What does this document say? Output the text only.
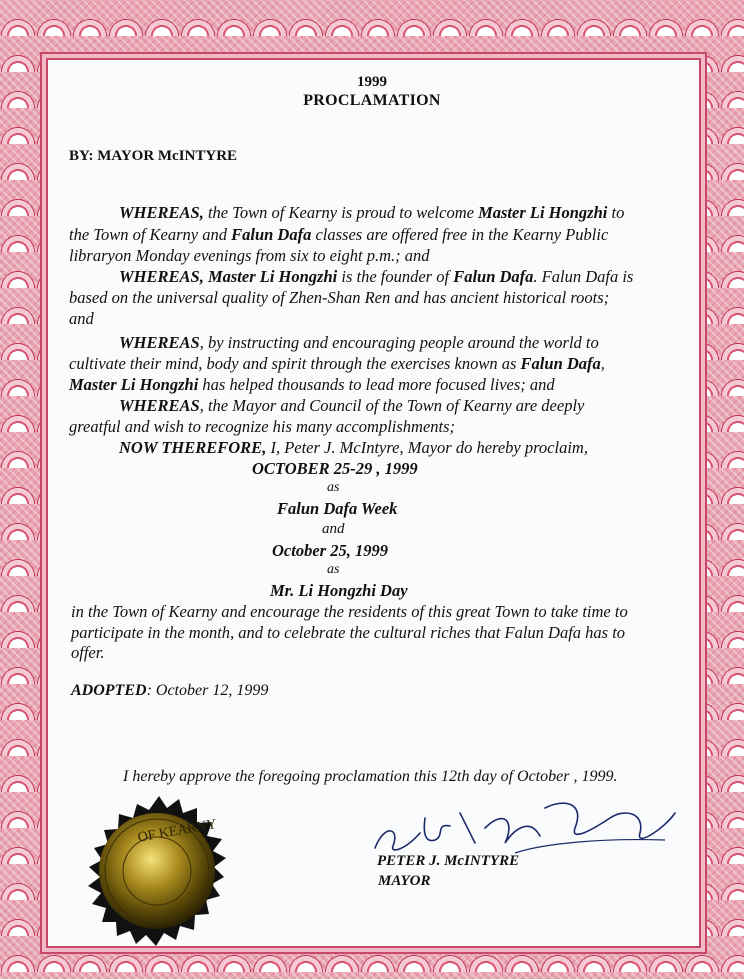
1999
PROCLAMATION
BY: MAYOR McINTYRE
WHEREAS, the Town of Kearny is proud to welcome Master Li Hongzhi to
the Town of Kearny and Falun Dafa classes are offered free in the Kearny Public
libraryon Monday evenings from six to eight p.m.; and
WHEREAS, Master Li Hongzhi is the founder of Falun Dafa. Falun Dafa is
based on the universal quality of Zhen-Shan Ren and has ancient historical roots;
and
WHEREAS, by instructing and encouraging people around the world to
cultivate their mind, body and spirit through the exercises known as Falun Dafa,
Master Li Hongzhi has helped thousands to lead more focused lives; and
WHEREAS, the Mayor and Council of the Town of Kearny are deeply
greatful and wish to recognize his many accomplishments;
NOW THEREFORE, I, Peter J. McIntyre, Mayor do hereby proclaim,
OCTOBER 25-29 , 1999
as
Falun Dafa Week
and
October 25, 1999
as
Mr. Li Hongzhi Day
in the Town of Kearny and encourage the residents of this great Town to take time to
participate in the month, and to celebrate the cultural riches that Falun Dafa has to
offer.
ADOPTED: October 12, 1999
I hereby approve the foregoing proclamation this 12th day of October , 1999.
PETER J. McINTYRE
MAYOR
OF KEARNY
